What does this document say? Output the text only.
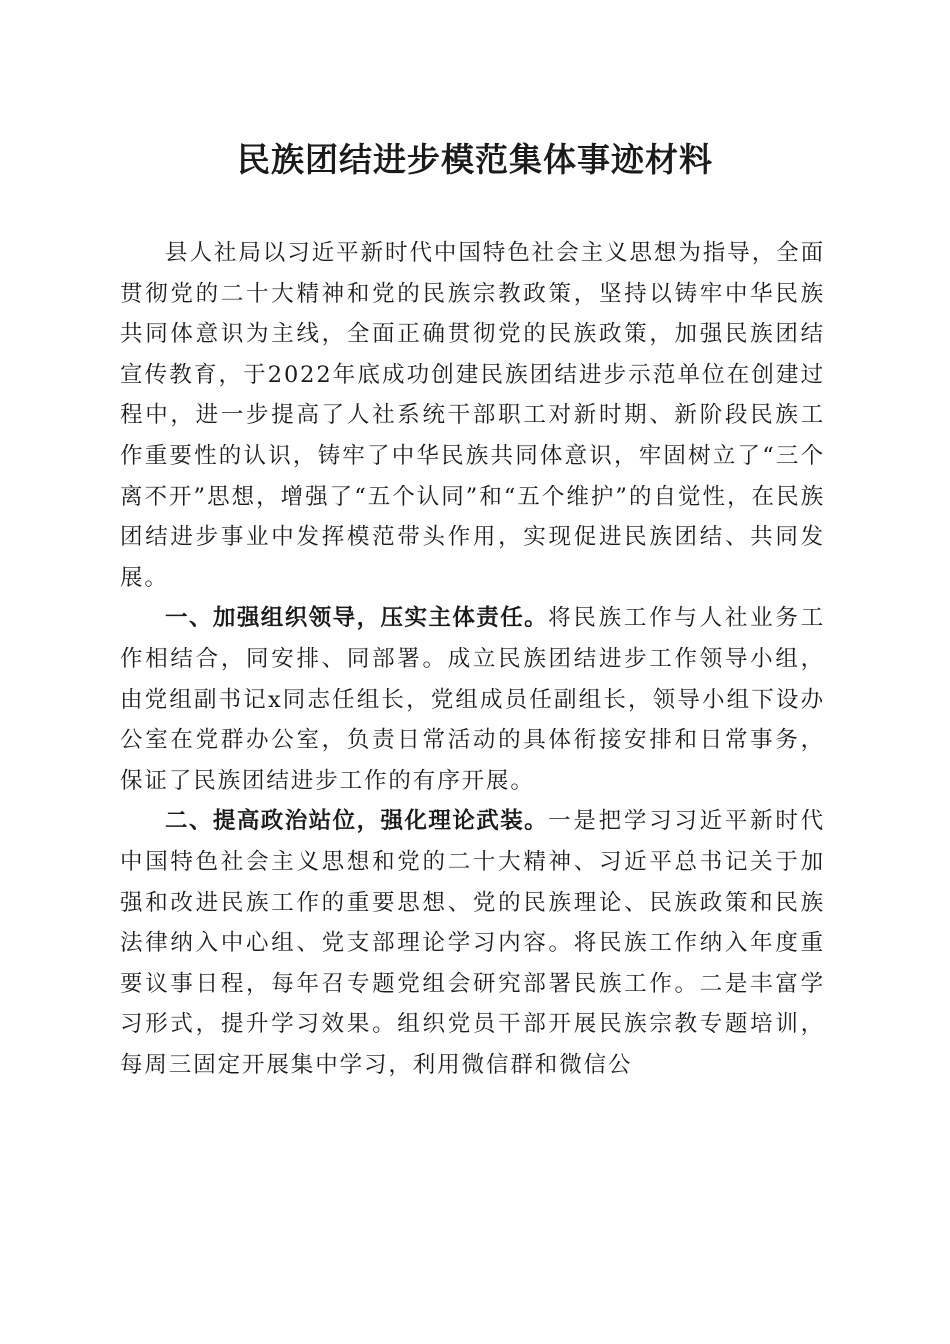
民族团结进步模范集体事迹材料

县人社局以习近平新时代中国特色社会主义思想为指导，全面贯彻党的二十大精神和党的民族宗教政策，坚持以铸牢中华民族共同体意识为主线，全面正确贯彻党的民族政策，加强民族团结宣传教育，于2022年底成功创建民族团结进步示范单位在创建过程中，进一步提高了人社系统干部职工对新时期、新阶段民族工作重要性的认识，铸牢了中华民族共同体意识，牢固树立了“三个离不开”思想，增强了“五个认同”和“五个维护”的自觉性，在民族团结进步事业中发挥模范带头作用，实现促进民族团结、共同发展。

一、加强组织领导，压实主体责任。将民族工作与人社业务工作相结合，同安排、同部署。成立民族团结进步工作领导小组，由党组副书记x同志任组长，党组成员任副组长，领导小组下设办公室在党群办公室，负责日常活动的具体衔接安排和日常事务，保证了民族团结进步工作的有序开展。

二、提高政治站位，强化理论武装。一是把学习习近平新时代中国特色社会主义思想和党的二十大精神、习近平总书记关于加强和改进民族工作的重要思想、党的民族理论、民族政策和民族法律纳入中心组、党支部理论学习内容。将民族工作纳入年度重要议事日程，每年召专题党组会研究部署民族工作。二是丰富学习形式，提升学习效果。组织党员干部开展民族宗教专题培训，每周三固定开展集中学习，利用微信群和微信公
